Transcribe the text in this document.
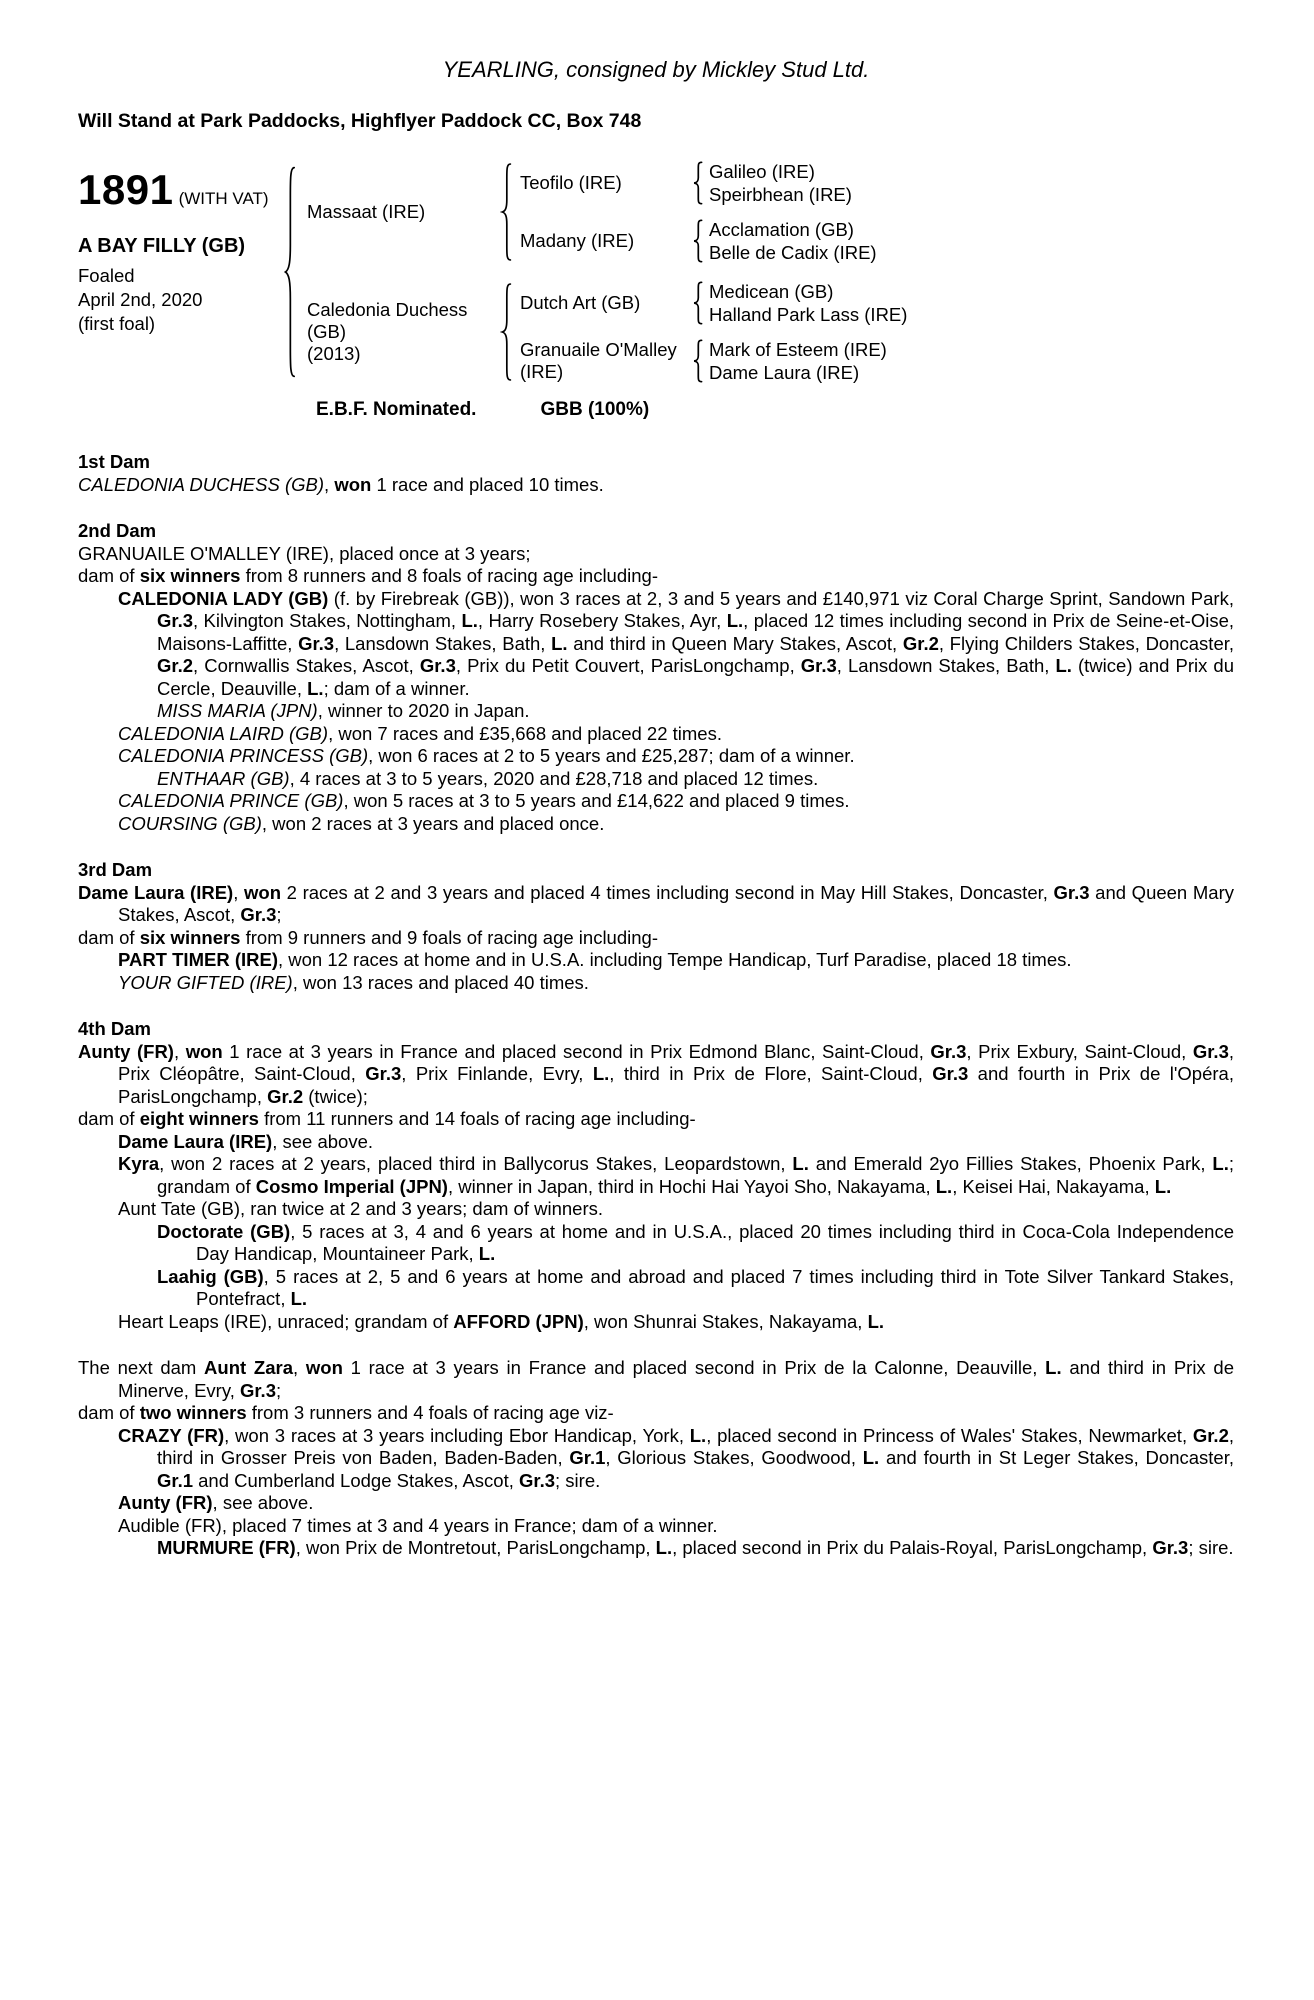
YEARLING, consigned by Mickley Stud Ltd.
Will Stand at Park Paddocks, Highflyer Paddock CC, Box 748
1891 (WITH VAT)
A BAY FILLY (GB)
Foaled
April 2nd, 2020
(first foal)
Massaat (IRE)
Teofilo (IRE)
Galileo (IRE)
Speirbhean (IRE)
Madany (IRE)
Acclamation (GB)
Belle de Cadix (IRE)
Caledonia Duchess
(GB)
(2013)
Dutch Art (GB)
Medicean (GB)
Halland Park Lass (IRE)
Granuaile O'Malley (IRE)
Mark of Esteem (IRE)
Dame Laura (IRE)
E.B.F. Nominated.	GBB (100%)
1st Dam
CALEDONIA DUCHESS (GB), won 1 race and placed 10 times.
2nd Dam
GRANUAILE O'MALLEY (IRE), placed once at 3 years;
dam of six winners from 8 runners and 8 foals of racing age including-
CALEDONIA LADY (GB) (f. by Firebreak (GB)), won 3 races at 2, 3 and 5 years and £140,971 viz Coral Charge Sprint, Sandown Park, Gr.3, Kilvington Stakes, Nottingham, L., Harry Rosebery Stakes, Ayr, L., placed 12 times including second in Prix de Seine-et-Oise, Maisons-Laffitte, Gr.3, Lansdown Stakes, Bath, L. and third in Queen Mary Stakes, Ascot, Gr.2, Flying Childers Stakes, Doncaster, Gr.2, Cornwallis Stakes, Ascot, Gr.3, Prix du Petit Couvert, ParisLongchamp, Gr.3, Lansdown Stakes, Bath, L. (twice) and Prix du Cercle, Deauville, L.; dam of a winner.
MISS MARIA (JPN), winner to 2020 in Japan.
CALEDONIA LAIRD (GB), won 7 races and £35,668 and placed 22 times.
CALEDONIA PRINCESS (GB), won 6 races at 2 to 5 years and £25,287; dam of a winner.
ENTHAAR (GB), 4 races at 3 to 5 years, 2020 and £28,718 and placed 12 times.
CALEDONIA PRINCE (GB), won 5 races at 3 to 5 years and £14,622 and placed 9 times.
COURSING (GB), won 2 races at 3 years and placed once.
3rd Dam
Dame Laura (IRE), won 2 races at 2 and 3 years and placed 4 times including second in May Hill Stakes, Doncaster, Gr.3 and Queen Mary Stakes, Ascot, Gr.3;
dam of six winners from 9 runners and 9 foals of racing age including-
PART TIMER (IRE), won 12 races at home and in U.S.A. including Tempe Handicap, Turf Paradise, placed 18 times.
YOUR GIFTED (IRE), won 13 races and placed 40 times.
4th Dam
Aunty (FR), won 1 race at 3 years in France and placed second in Prix Edmond Blanc, Saint-Cloud, Gr.3, Prix Exbury, Saint-Cloud, Gr.3, Prix Cléopâtre, Saint-Cloud, Gr.3, Prix Finlande, Evry, L., third in Prix de Flore, Saint-Cloud, Gr.3 and fourth in Prix de l'Opéra, ParisLongchamp, Gr.2 (twice);
dam of eight winners from 11 runners and 14 foals of racing age including-
Dame Laura (IRE), see above.
Kyra, won 2 races at 2 years, placed third in Ballycorus Stakes, Leopardstown, L. and Emerald 2yo Fillies Stakes, Phoenix Park, L.; grandam of Cosmo Imperial (JPN), winner in Japan, third in Hochi Hai Yayoi Sho, Nakayama, L., Keisei Hai, Nakayama, L.
Aunt Tate (GB), ran twice at 2 and 3 years; dam of winners.
Doctorate (GB), 5 races at 3, 4 and 6 years at home and in U.S.A., placed 20 times including third in Coca-Cola Independence Day Handicap, Mountaineer Park, L.
Laahig (GB), 5 races at 2, 5 and 6 years at home and abroad and placed 7 times including third in Tote Silver Tankard Stakes, Pontefract, L.
Heart Leaps (IRE), unraced; grandam of AFFORD (JPN), won Shunrai Stakes, Nakayama, L.
The next dam Aunt Zara, won 1 race at 3 years in France and placed second in Prix de la Calonne, Deauville, L. and third in Prix de Minerve, Evry, Gr.3;
dam of two winners from 3 runners and 4 foals of racing age viz-
CRAZY (FR), won 3 races at 3 years including Ebor Handicap, York, L., placed second in Princess of Wales' Stakes, Newmarket, Gr.2, third in Grosser Preis von Baden, Baden-Baden, Gr.1, Glorious Stakes, Goodwood, L. and fourth in St Leger Stakes, Doncaster, Gr.1 and Cumberland Lodge Stakes, Ascot, Gr.3; sire.
Aunty (FR), see above.
Audible (FR), placed 7 times at 3 and 4 years in France; dam of a winner.
MURMURE (FR), won Prix de Montretout, ParisLongchamp, L., placed second in Prix du Palais-Royal, ParisLongchamp, Gr.3; sire.
